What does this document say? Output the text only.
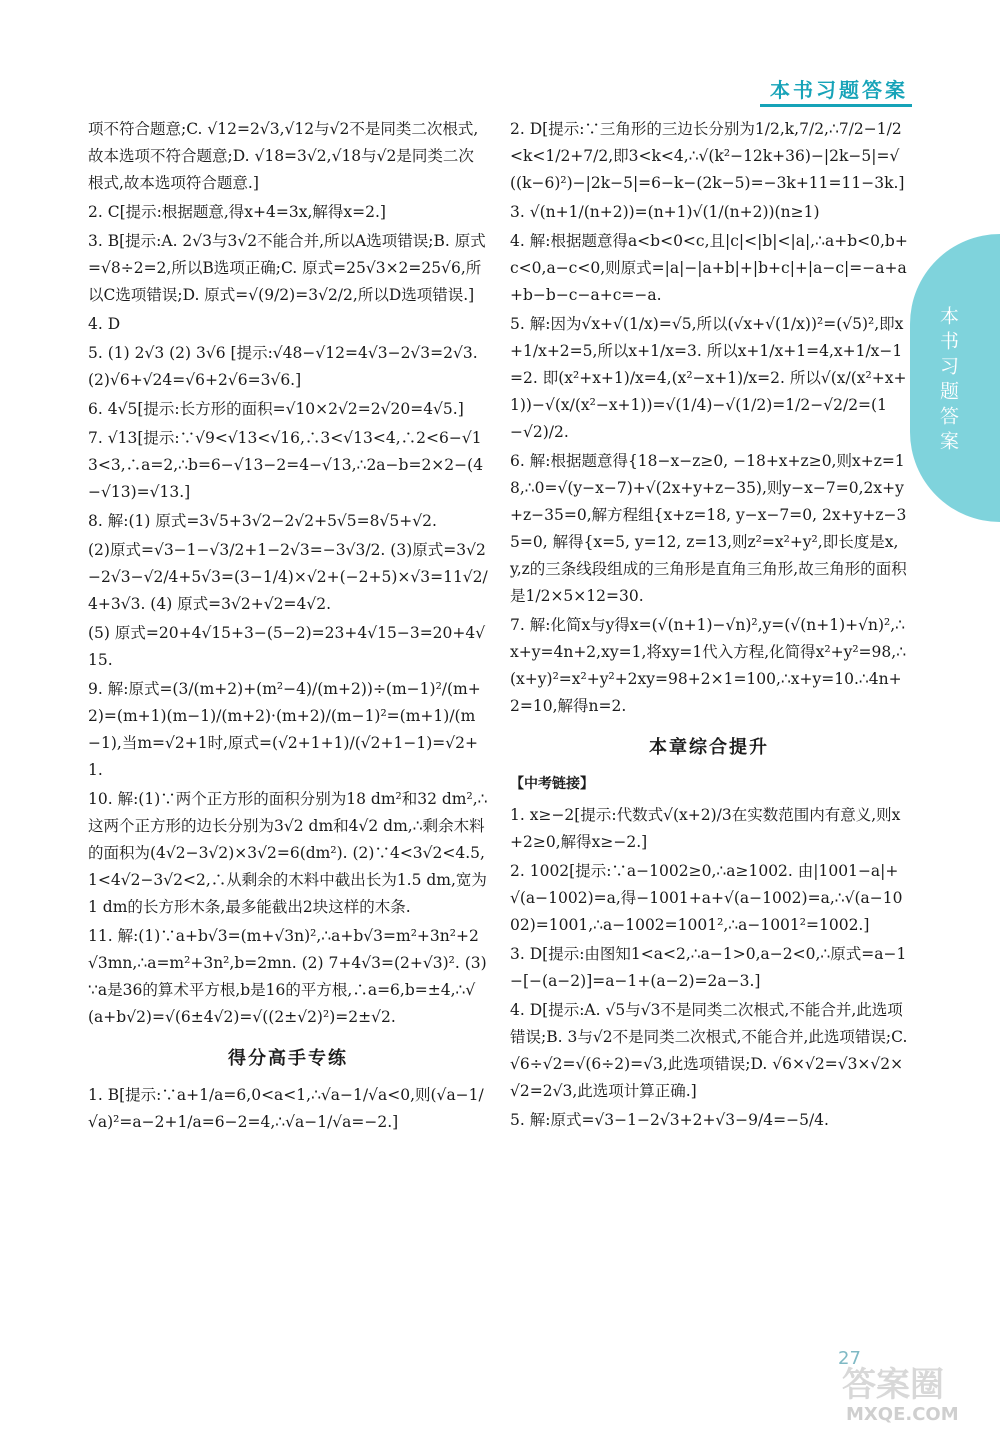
本书习题答案
本书习题答案

项不符合题意;C. √12=2√3,√12与√2不是同类二次根式,故本选项不符合题意;D. √18=3√2,√18与√2是同类二次根式,故本选项符合题意.]

2. C[提示:根据题意,得x+4=3x,解得x=2.]

3. B[提示:A. 2√3与3√2不能合并,所以A选项错误;B. 原式=√8÷2=2,所以B选项正确;C. 原式=25√3×2=25√6,所以C选项错误;D. 原式=√(9/2)=3√2/2,所以D选项错误.]

4. D

5. (1) 2√3 (2) 3√6 [提示:√48−√12=4√3−2√3=2√3. (2)√6+√24=√6+2√6=3√6.]

6. 4√5[提示:长方形的面积=√10×2√2=2√20=4√5.]

7. √13[提示:∵√9<√13<√16,∴3<√13<4,∴2<6−√13<3,∴a=2,∴b=6−√13−2=4−√13,∴2a−b=2×2−(4−√13)=√13.]

8. 解:(1) 原式=3√5+3√2−2√2+5√5=8√5+√2.

(2)原式=√3−1−√3/2+1−2√3=−3√3/2. (3)原式=3√2−2√3−√2/4+5√3=(3−1/4)×√2+(−2+5)×√3=11√2/4+3√3. (4) 原式=3√2+√2=4√2.

(5) 原式=20+4√15+3−(5−2)=23+4√15−3=20+4√15.

9. 解:原式=(3/(m+2)+(m²−4)/(m+2))÷(m−1)²/(m+2)=(m+1)(m−1)/(m+2)·(m+2)/(m−1)²=(m+1)/(m−1),当m=√2+1时,原式=(√2+1+1)/(√2+1−1)=√2+1.

10. 解:(1)∵两个正方形的面积分别为18 dm²和32 dm²,∴这两个正方形的边长分别为3√2 dm和4√2 dm,∴剩余木料的面积为(4√2−3√2)×3√2=6(dm²). (2)∵4<3√2<4.5,1<4√2−3√2<2,∴从剩余的木料中截出长为1.5 dm,宽为1 dm的长方形木条,最多能截出2块这样的木条.

11. 解:(1)∵a+b√3=(m+√3n)²,∴a+b√3=m²+3n²+2√3mn,∴a=m²+3n²,b=2mn. (2) 7+4√3=(2+√3)². (3)∵a是36的算术平方根,b是16的平方根,∴a=6,b=±4,∴√(a+b√2)=√(6±4√2)=√((2±√2)²)=2±√2.

得分高手专练

1. B[提示:∵a+1/a=6,0<a<1,∴√a−1/√a<0,则(√a−1/√a)²=a−2+1/a=6−2=4,∴√a−1/√a=−2.]

2. D[提示:∵三角形的三边长分别为1/2,k,7/2,∴7/2−1/2<k<1/2+7/2,即3<k<4,∴√(k²−12k+36)−|2k−5|=√((k−6)²)−|2k−5|=6−k−(2k−5)=−3k+11=11−3k.]

3. √(n+1/(n+2))=(n+1)√(1/(n+2))(n≥1)

4. 解:根据题意得a<b<0<c,且|c|<|b|<|a|,∴a+b<0,b+c<0,a−c<0,则原式=|a|−|a+b|+|b+c|+|a−c|=−a+a+b−b−c−a+c=−a.

5. 解:因为√x+√(1/x)=√5,所以(√x+√(1/x))²=(√5)²,即x+1/x+2=5,所以x+1/x=3. 所以x+1/x+1=4,x+1/x−1=2. 即(x²+x+1)/x=4,(x²−x+1)/x=2. 所以√(x/(x²+x+1))−√(x/(x²−x+1))=√(1/4)−√(1/2)=1/2−√2/2=(1−√2)/2.

6. 解:根据题意得{18−x−z≥0, −18+x+z≥0,则x+z=18,∴0=√(y−x−7)+√(2x+y+z−35),则y−x−7=0,2x+y+z−35=0,解方程组{x+z=18, y−x−7=0, 2x+y+z−35=0, 解得{x=5, y=12, z=13,则z²=x²+y²,即长度是x,y,z的三条线段组成的三角形是直角三角形,故三角形的面积是1/2×5×12=30.

7. 解:化简x与y得x=(√(n+1)−√n)²,y=(√(n+1)+√n)²,∴x+y=4n+2,xy=1,将xy=1代入方程,化简得x²+y²=98,∴(x+y)²=x²+y²+2xy=98+2×1=100,∴x+y=10.∴4n+2=10,解得n=2.

本章综合提升

【中考链接】

1. x≥−2[提示:代数式√(x+2)/3在实数范围内有意义,则x+2≥0,解得x≥−2.]

2. 1002[提示:∵a−1002≥0,∴a≥1002. 由|1001−a|+√(a−1002)=a,得−1001+a+√(a−1002)=a,∴√(a−1002)=1001,∴a−1002=1001²,∴a−1001²=1002.]

3. D[提示:由图知1<a<2,∴a−1>0,a−2<0,∴原式=a−1−[−(a−2)]=a−1+(a−2)=2a−3.]

4. D[提示:A. √5与√3不是同类二次根式,不能合并,此选项错误;B. 3与√2不是同类二次根式,不能合并,此选项错误;C. √6÷√2=√(6÷2)=√3,此选项错误;D. √6×√2=√3×√2×√2=2√3,此选项计算正确.]

5. 解:原式=√3−1−2√3+2+√3−9/4=−5/4.

27
答案圈
MXQE.COM
